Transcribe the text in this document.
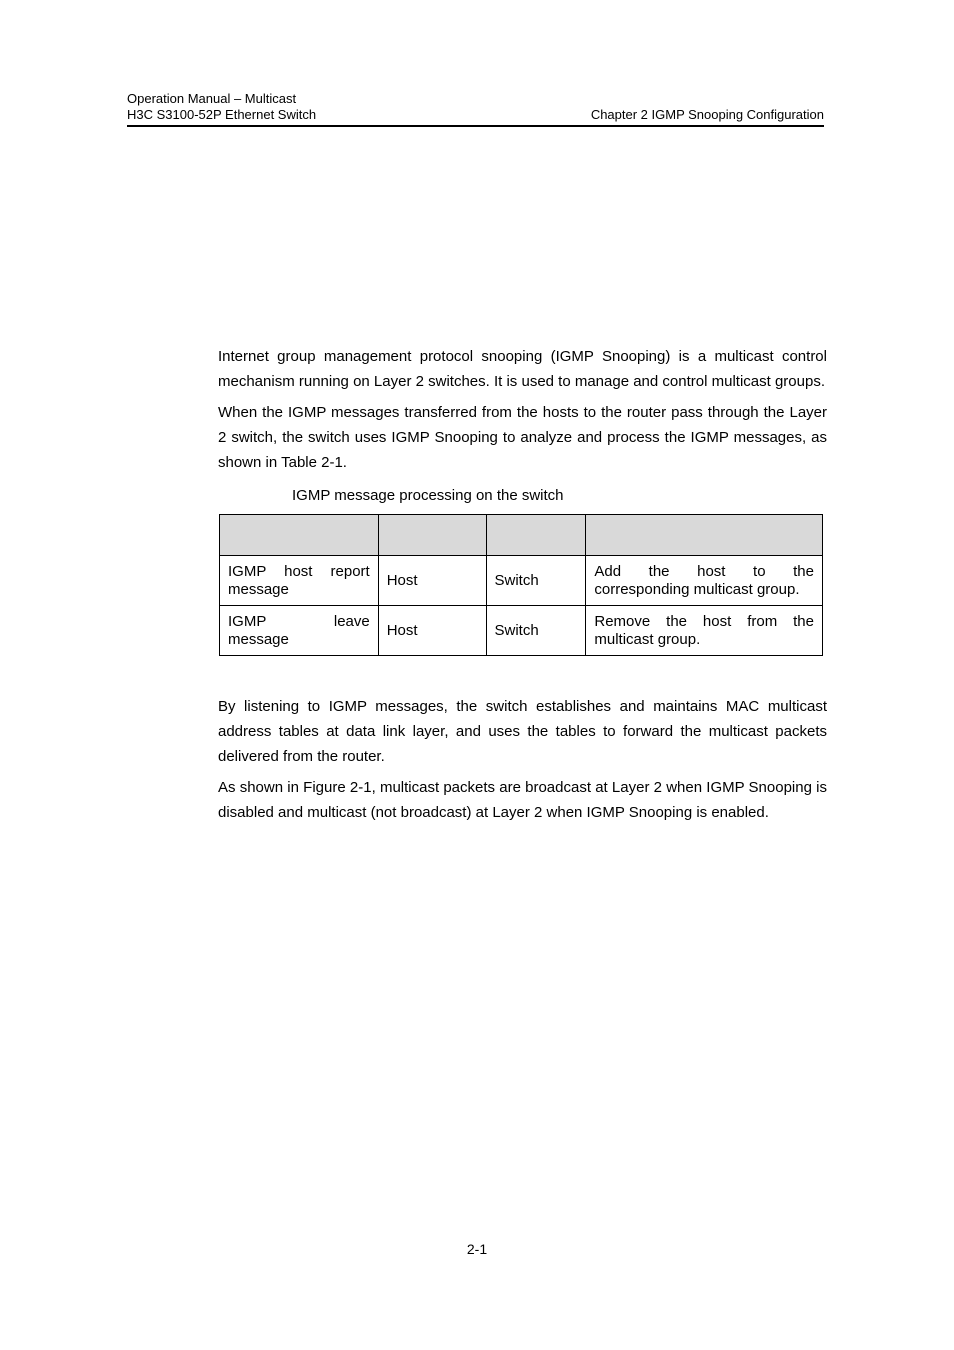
Operation Manual – Multicast
H3C S3100-52P Ethernet Switch	Chapter 2 IGMP Snooping Configuration

Internet group management protocol snooping (IGMP Snooping) is a multicast control mechanism running on Layer 2 switches. It is used to manage and control multicast groups.

When the IGMP messages transferred from the hosts to the router pass through the Layer 2 switch, the switch uses IGMP Snooping to analyze and process the IGMP messages, as shown in Table 2-1.

IGMP message processing on the switch

IGMP host report message	Host	Switch	Add the host to the corresponding multicast group.
IGMP leave message	Host	Switch	Remove the host from the multicast group.

By listening to IGMP messages, the switch establishes and maintains MAC multicast address tables at data link layer, and uses the tables to forward the multicast packets delivered from the router.

As shown in Figure 2-1, multicast packets are broadcast at Layer 2 when IGMP Snooping is disabled and multicast (not broadcast) at Layer 2 when IGMP Snooping is enabled.

2-1
